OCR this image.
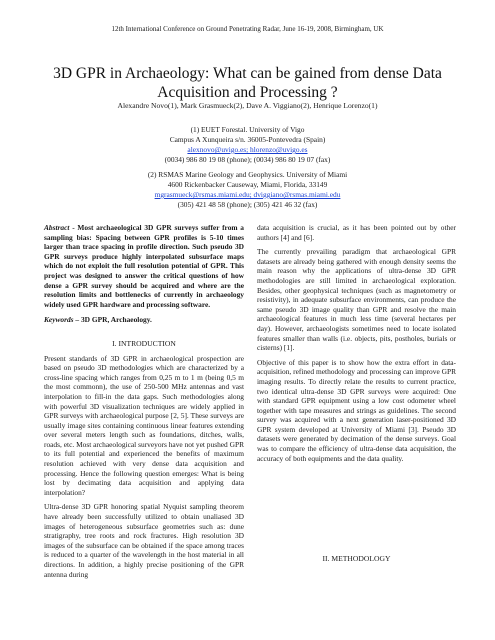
12th International Conference on Ground Penetrating Radar, June 16-19, 2008, Birmingham, UK
3D GPR in Archaeology: What can be gained from dense Data Acquisition and Processing ?
Alexandre Novo(1), Mark Grasmueck(2), Dave A. Viggiano(2), Henrique Lorenzo(1)
(1) EUET Forestal. University of Vigo
Campus A Xunqueira s/n. 36005-Pontevedra (Spain)
alexnovo@uvigo.es; hlorenzo@uvigo.es
(0034) 986 80 19 08 (phone); (0034) 986 80 19 07 (fax)
(2) RSMAS Marine Geology and Geophysics. University of Miami
4600 Rickenbacker Causeway, Miami, Florida, 33149
mgrasmueck@rsmas.miami.edu; dviggiano@rsmas.miami.edu
(305) 421 48 58 (phone); (305) 421 46 32 (fax)

Abstract - Most archaeological 3D GPR surveys suffer from a sampling bias: Spacing between GPR profiles is 5-10 times larger than trace spacing in profile direction. Such pseudo 3D GPR surveys produce highly interpolated subsurface maps which do not exploit the full resolution potential of GPR. This project was designed to answer the critical questions of how dense a GPR survey should be acquired and where are the resolution limits and bottlenecks of currently in archaeology widely used GPR hardware and processing software.

Keywords – 3D GPR, Archaeology.

I. INTRODUCTION

Present standards of 3D GPR in archaeological prospection are based on pseudo 3D methodologies which are characterized by a cross-line spacing which ranges from 0,25 m to 1 m (being 0,5 m the most commonn), the use of 250-500 MHz antennas and vast interpolation to fill-in the data gaps. Such methodologies along with powerful 3D visualization techniques are widely applied in GPR surveys with archaeological purpose [2, 5]. These surveys are usually image sites containing continuous linear features extending over several meters length such as foundations, ditches, walls, roads, etc. Most archaeological surveyors have not yet pushed GPR to its full potential and experienced the benefits of maximum resolution achieved with very dense data acquisition and processing. Hence the following question emerges: What is being lost by decimating data acquisition and applying data interpolation?

Ultra-dense 3D GPR honoring spatial Nyquist sampling theorem have already been successfully utilized to obtain unaliased 3D images of heterogeneous subsurface geometries such as: dune stratigraphy, tree roots and rock fractures. High resolution 3D images of the subsurface can be obtained if the space among traces is reduced to a quarter of the wavelength in the host material in all directions. In addition, a highly precise positioning of the GPR antenna during

data acquisition is crucial, as it has been pointed out by other authors [4] and [6].

The currently prevailing paradigm that archaeological GPR datasets are already being gathered with enough density seems the main reason why the applications of ultra-dense 3D GPR methodologies are still limited in archaeological exploration. Besides, other geophysical techniques (such as magnetometry or resistivity), in adequate subsurface environments, can produce the same pseudo 3D image quality than GPR and resolve the main archaeological features in much less time (several hectares per day). However, archaeologists sometimes need to locate isolated features smaller than walls (i.e. objects, pits, postholes, burials or cisterns) [1].

Objective of this paper is to show how the extra effort in data-acquisition, refined methodology and processing can improve GPR imaging results. To directly relate the results to current practice, two identical ultra-dense 3D GPR surveys were acquired: One with standard GPR equipment using a low cost odometer wheel together with tape measures and strings as guidelines. The second survey was acquired with a next generation laser-positioned 3D GPR system developed at University of Miami [3]. Pseudo 3D datasets were generated by decimation of the dense surveys. Goal was to compare the efficiency of ultra-dense data acquisition, the accuracy of both equipments and the data quality.

II. METHODOLOGY
